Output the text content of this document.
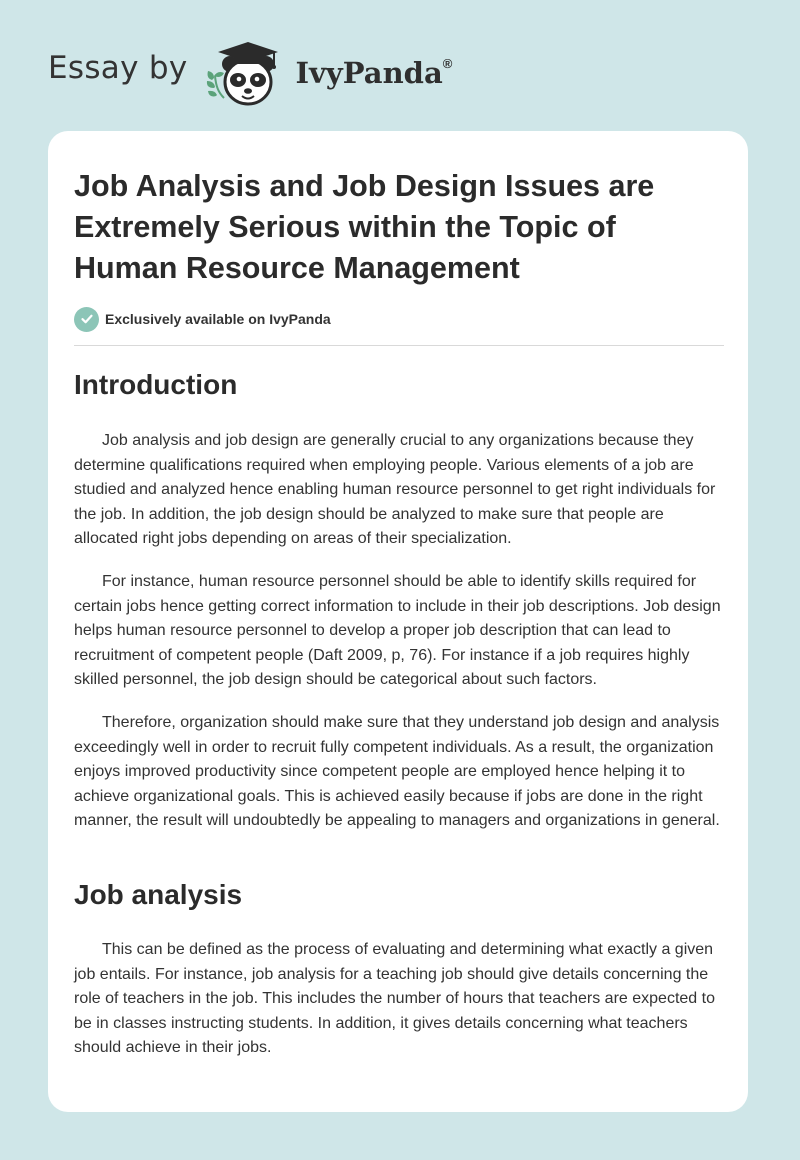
Essay by	IvyPanda®
Job Analysis and Job Design Issues are Extremely Serious within the Topic of Human Resource Management
Exclusively available on IvyPanda
Introduction

Job analysis and job design are generally crucial to any organizations because they determine qualifications required when employing people. Various elements of a job are studied and analyzed hence enabling human resource personnel to get right individuals for the job. In addition, the job design should be analyzed to make sure that people are allocated right jobs depending on areas of their specialization.

For instance, human resource personnel should be able to identify skills required for certain jobs hence getting correct information to include in their job descriptions. Job design helps human resource personnel to develop a proper job description that can lead to recruitment of competent people (Daft 2009, p, 76). For instance if a job requires highly skilled personnel, the job design should be categorical about such factors.

Therefore, organization should make sure that they understand job design and analysis exceedingly well in order to recruit fully competent individuals. As a result, the organization enjoys improved productivity since competent people are employed hence helping it to achieve organizational goals. This is achieved easily because if jobs are done in the right manner, the result will undoubtedly be appealing to managers and organizations in general.

Job analysis

This can be defined as the process of evaluating and determining what exactly a given job entails. For instance, job analysis for a teaching job should give details concerning the role of teachers in the job. This includes the number of hours that teachers are expected to be in classes instructing students. In addition, it gives details concerning what teachers should achieve in their jobs.
